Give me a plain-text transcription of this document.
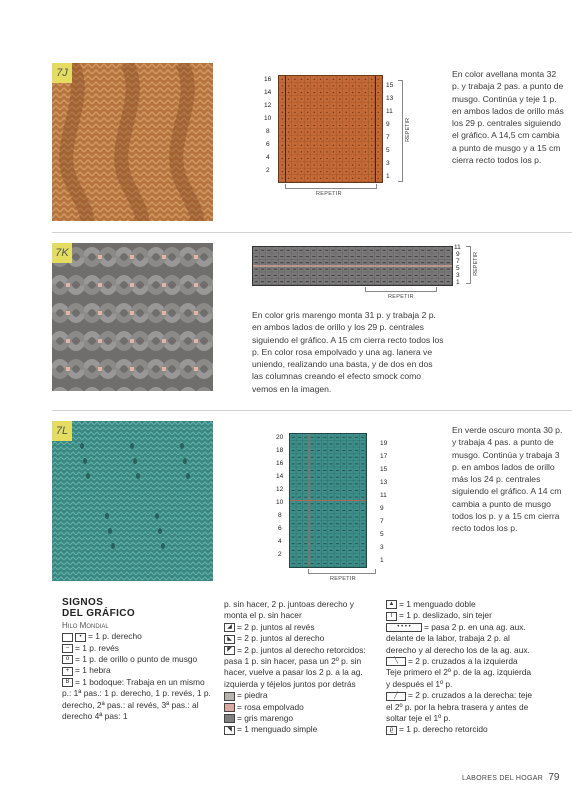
7J
16
14
12
10
8
6
4
2
15
13
11
9
7
5
3
1
REPETIR
REPETIR
En color avellana monta 32 p. y trabaja 2 pas. a punto de musgo. Continúa y teje 1 p. en ambos lados de orillo más los 29 p. centrales siguiendo el gráfico. A 14,5 cm cambia a punto de musgo y a 15 cm cierra recto todos los p.
7K	11
9
7
5
3
1
REPETIR
REPETIR
En color gris marengo monta 31 p. y trabaja 2 p. en ambos lados de orillo y los 29 p. centrales siguiendo el gráfico. A 15 cm cierra recto todos los p. En color rosa empolvado y una ag. lanera ve uniendo, realizando una basta, y de dos en dos las columnas creando el efecto smock como vemos en la imagen.
7L
20
18
16
14
12
10
8
6
4
2
19
17
15
13
11
9
7
5
3
1
REPETIR
En verde oscuro monta 30 p. y trabaja 4 pas. a punto de musgo. Continúa y trabaja 3 p. en ambos lados de orillo más los 24 p. centrales siguiendo el gráfico. A 14 cm cambia a punto de musgo todos los p. y a 15 cm cierra recto todos los p.
SIGNOS
DEL GRÁFICO
Hilo Mondial
• = 1 p. derecho
– = 1 p. revés
o = 1 p. de orillo o punto de musgo
+ = 1 hebra
B = 1 bodoque: Trabaja en un mismo p.: 1ª pas.: 1 p. derecho, 1 p. revés, 1 p. derecho, 2ª pas.: al revés, 3ª pas.: al derecho 4ª pas: 1
p. sin hacer, 2 p. juntoas derecho y monta el p. sin hacer
◢ = 2 p. juntos al revés
◣ = 2 p. juntos al derecho
◤ = 2 p. juntos al derecho retorcidos: pasa 1 p. sin hacer, pasa un 2º p. sin hacer, vuelve a pasar los 2 p. a la ag. izquierda y téjelos juntos por detrás
= piedra
= rosa empolvado
= gris marengo
◥ = 1 menguado simple
▲ = 1 menguado doble
I = 1 p. deslizado, sin tejer
• • • • = pasa 2 p. en una ag. aux. delante de la labor, trabaja 2 p. al derecho y al derecho los de la ag. aux.
╲ = 2 p. cruzados a la izquierda
Teje primero el 2º p. de la ag. izquierda y después el 1º p.
╱ = 2 p. cruzados a la derecha: teje el 2º p. por la hebra trasera y antes de soltar teje el 1º p.
ϱ = 1 p. derecho retorcido
LABORES DEL HOGAR 79
